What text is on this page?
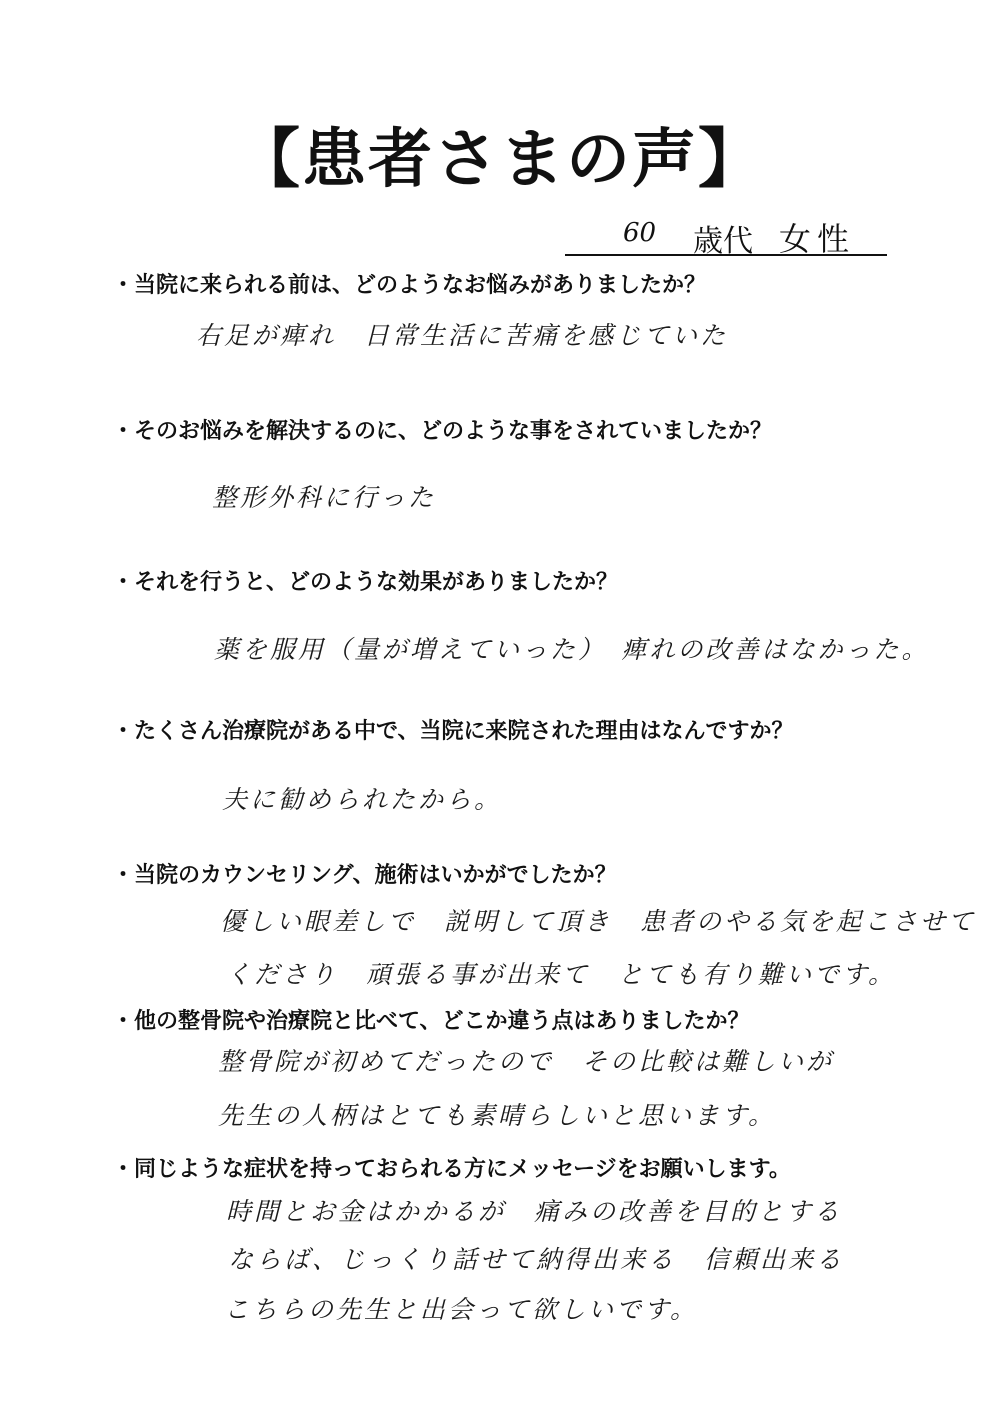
【患者さまの声】
60 歳代 女性
・当院に来られる前は、どのようなお悩みがありましたか？
右足が痺れ　日常生活に苦痛を感じていた
・そのお悩みを解決するのに、どのような事をされていましたか？
整形外科に行った
・それを行うと、どのような効果がありましたか？
薬を服用（量が増えていった）　痺れの改善はなかった。
・たくさん治療院がある中で、当院に来院された理由はなんですか？
夫に勧められたから。
・当院のカウンセリング、施術はいかがでしたか？
優しい眼差しで　説明して頂き　患者のやる気を起こさせて
くださり　頑張る事が出来て　とても有り難いです。
・他の整骨院や治療院と比べて、どこか違う点はありましたか？
整骨院が初めてだったので　その比較は難しいが
先生の人柄はとても素晴らしいと思います。
・同じような症状を持っておられる方にメッセージをお願いします。
時間とお金はかかるが　痛みの改善を目的とする
ならば、じっくり話せて納得出来る　信頼出来る
こちらの先生と出会って欲しいです。
